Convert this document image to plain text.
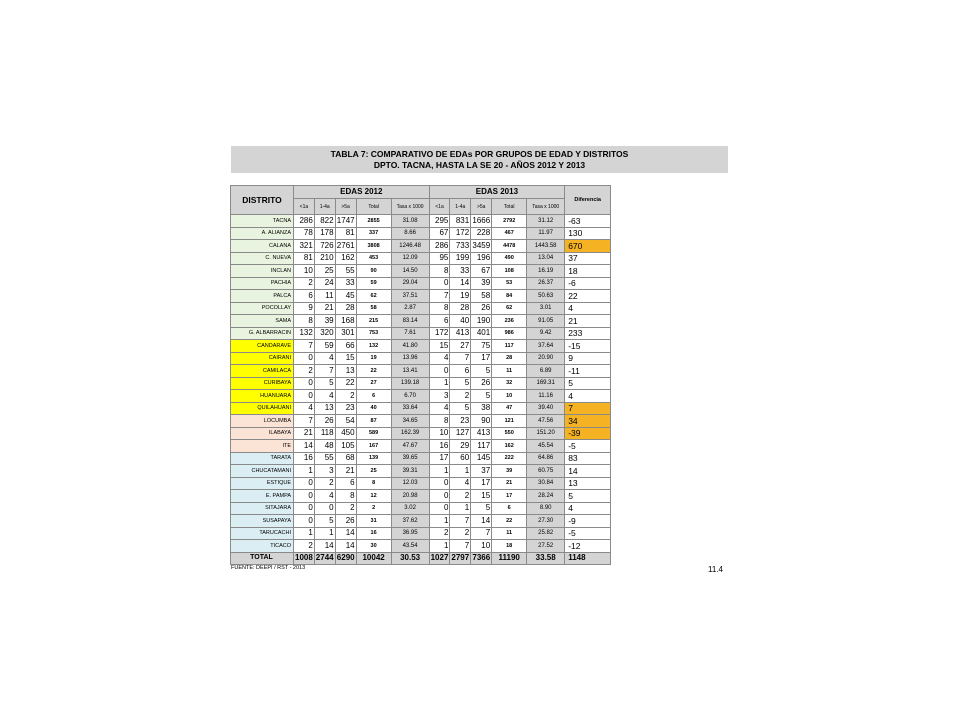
TABLA 7: COMPARATIVO DE EDAs POR GRUPOS DE EDAD Y DISTRITOS
DPTO. TACNA, HASTA LA SE 20 - AÑOS 2012 Y 2013
DISTRITO	EDAS 2012					EDAS 2013					Diferencia
	<1a	1-4a	>5a	Total	Tasa x 1000	<1a	1-4a	>5a	Total	Tasa x 1000	
TACNA	286	822	1747	2855	31.08	295	831	1666	2792	31.12	-63
A. ALIANZA	78	178	81	337	8.66	67	172	228	467	11.97	130
CALANA	321	726	2761	3808	1246.48	286	733	3459	4478	1443.58	670
C. NUEVA	81	210	162	453	12.09	95	199	196	490	13.04	37
INCLAN	10	25	55	90	14.50	8	33	67	108	16.19	18
PACHIA	2	24	33	59	29.04	0	14	39	53	26.37	-6
PALCA	6	11	45	62	37.51	7	19	58	84	50.63	22
POCOLLAY	9	21	28	58	2.87	8	28	26	62	3.01	4
SAMA	8	39	168	215	83.14	6	40	190	236	91.05	21
G. ALBARRACIN	132	320	301	753	7.61	172	413	401	986	9.42	233
CANDARAVE	7	59	66	132	41.80	15	27	75	117	37.64	-15
CAIRANI	0	4	15	19	13.96	4	7	17	28	20.90	9
CAMILACA	2	7	13	22	13.41	0	6	5	11	6.89	-11
CURIBAYA	0	5	22	27	139.18	1	5	26	32	169.31	5
HUANUARA	0	4	2	6	6.70	3	2	5	10	11.16	4
QUILAHUANI	4	13	23	40	33.64	4	5	38	47	39.40	7
LOCUMBA	7	26	54	87	34.65	8	23	90	121	47.56	34
ILABAYA	21	118	450	589	162.39	10	127	413	550	151.20	-39
ITE	14	48	105	167	47.67	16	29	117	162	45.54	-5
TARATA	16	55	68	139	39.65	17	60	145	222	64.86	83
CHUCATAMANI	1	3	21	25	39.31	1	1	37	39	60.75	14
ESTIQUE	0	2	6	8	12.03	0	4	17	21	30.84	13
E. PAMPA	0	4	8	12	20.98	0	2	15	17	28.24	5
SITAJARA	0	0	2	2	3.02	0	1	5	6	8.90	4
SUSAPAYA	0	5	26	31	37.62	1	7	14	22	27.30	-9
TARUCACHI	1	1	14	16	36.95	2	2	7	11	25.82	-5
TICACO	2	14	14	30	43.54	1	7	10	18	27.52	-12
TOTAL	1008	2744	6290	10042	30.53	1027	2797	7366	11190	33.58	1148
FUENTE: DEEPI / RST - 2013	11.4
